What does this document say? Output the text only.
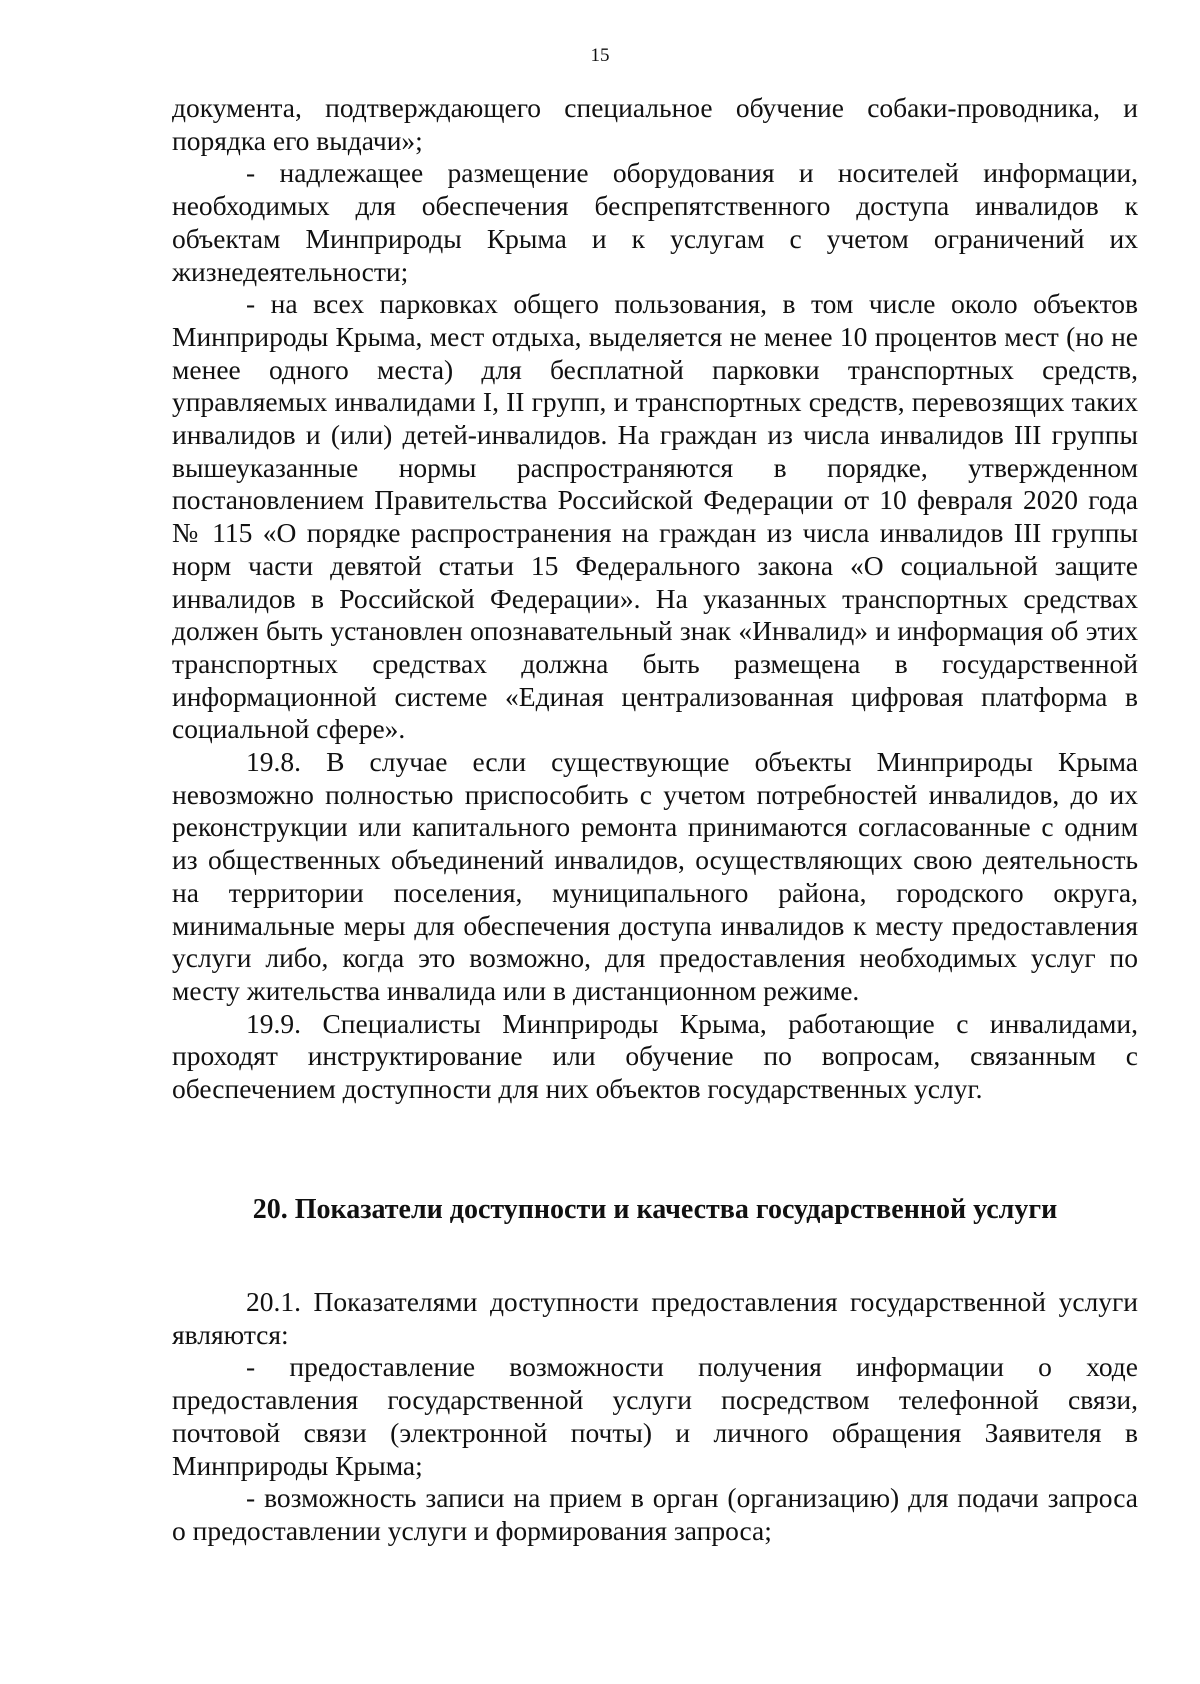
15

документа, подтверждающего специальное обучение собаки-проводника, и порядка его выдачи»;

- надлежащее размещение оборудования и носителей информации, необходимых для обеспечения беспрепятственного доступа инвалидов к объектам Минприроды Крыма и к услугам с учетом ограничений их жизнедеятельности;

- на всех парковках общего пользования, в том числе около объектов Минприроды Крыма, мест отдыха, выделяется не менее 10 процентов мест (но не менее одного места) для бесплатной парковки транспортных средств, управляемых инвалидами I, II групп, и транспортных средств, перевозящих таких инвалидов и (или) детей-инвалидов. На граждан из числа инвалидов III группы вышеуказанные нормы распространяются в порядке, утвержденном постановлением Правительства Российской Федерации от 10 февраля 2020 года № 115 «О порядке распространения на граждан из числа инвалидов III группы норм части девятой статьи 15 Федерального закона «О социальной защите инвалидов в Российской Федерации». На указанных транспортных средствах должен быть установлен опознавательный знак «Инвалид» и информация об этих транспортных средствах должна быть размещена в государственной информационной системе «Единая централизованная цифровая платформа в социальной сфере».

19.8. В случае если существующие объекты Минприроды Крыма невозможно полностью приспособить с учетом потребностей инвалидов, до их реконструкции или капитального ремонта принимаются согласованные с одним из общественных объединений инвалидов, осуществляющих свою деятельность на территории поселения, муниципального района, городского округа, минимальные меры для обеспечения доступа инвалидов к месту предоставления услуги либо, когда это возможно, для предоставления необходимых услуг по месту жительства инвалида или в дистанционном режиме.

19.9. Специалисты Минприроды Крыма, работающие с инвалидами, проходят инструктирование или обучение по вопросам, связанным с обеспечением доступности для них объектов государственных услуг.

20. Показатели доступности и качества государственной услуги

20.1. Показателями доступности предоставления государственной услуги являются:

- предоставление возможности получения информации о ходе предоставления государственной услуги посредством телефонной связи, почтовой связи (электронной почты) и личного обращения Заявителя в Минприроды Крыма;

- возможность записи на прием в орган (организацию) для подачи запроса о предоставлении услуги и формирования запроса;
